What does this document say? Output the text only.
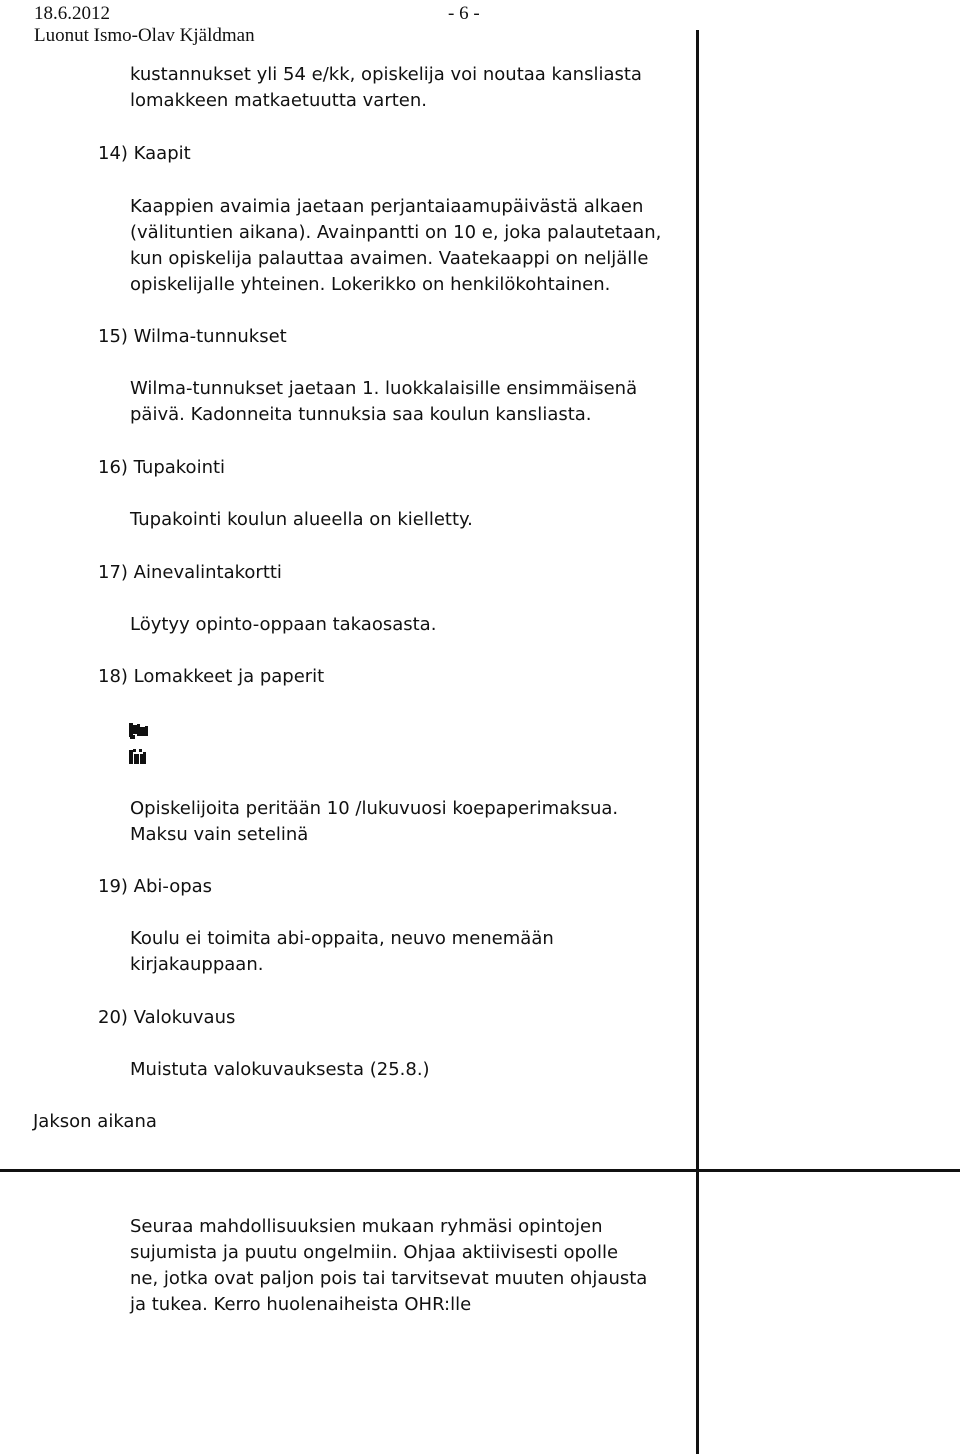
18.6.2012	- 6 -
Luonut Ismo-Olav Kjäldman
kustannukset yli 54 e/kk, opiskelija voi noutaa kansliasta
lomakkeen matkaetuutta varten.
14) Kaapit
Kaappien avaimia jaetaan perjantaiaamupäivästä alkaen
(välituntien aikana). Avainpantti on 10 e, joka palautetaan,
kun opiskelija palauttaa avaimen. Vaatekaappi on neljälle
opiskelijalle yhteinen. Lokerikko on henkilökohtainen.
15) Wilma-tunnukset
Wilma-tunnukset jaetaan 1. luokkalaisille ensimmäisenä
päivä. Kadonneita tunnuksia saa koulun kansliasta.
16) Tupakointi
Tupakointi koulun alueella on kielletty.
17) Ainevalintakortti
Löytyy opinto-oppaan takaosasta.
18) Lomakkeet ja paperit
Opiskelijoita peritään 10 /lukuvuosi koepaperimaksua.
Maksu vain setelinä
19) Abi-opas
Koulu ei toimita abi-oppaita, neuvo menemään
kirjakauppaan.
20) Valokuvaus
Muistuta valokuvauksesta (25.8.)
Jakson aikana
Seuraa mahdollisuuksien mukaan ryhmäsi opintojen
sujumista ja puutu ongelmiin. Ohjaa aktiivisesti opolle
ne, jotka ovat paljon pois tai tarvitsevat muuten ohjausta
ja tukea. Kerro huolenaiheista OHR:lle
